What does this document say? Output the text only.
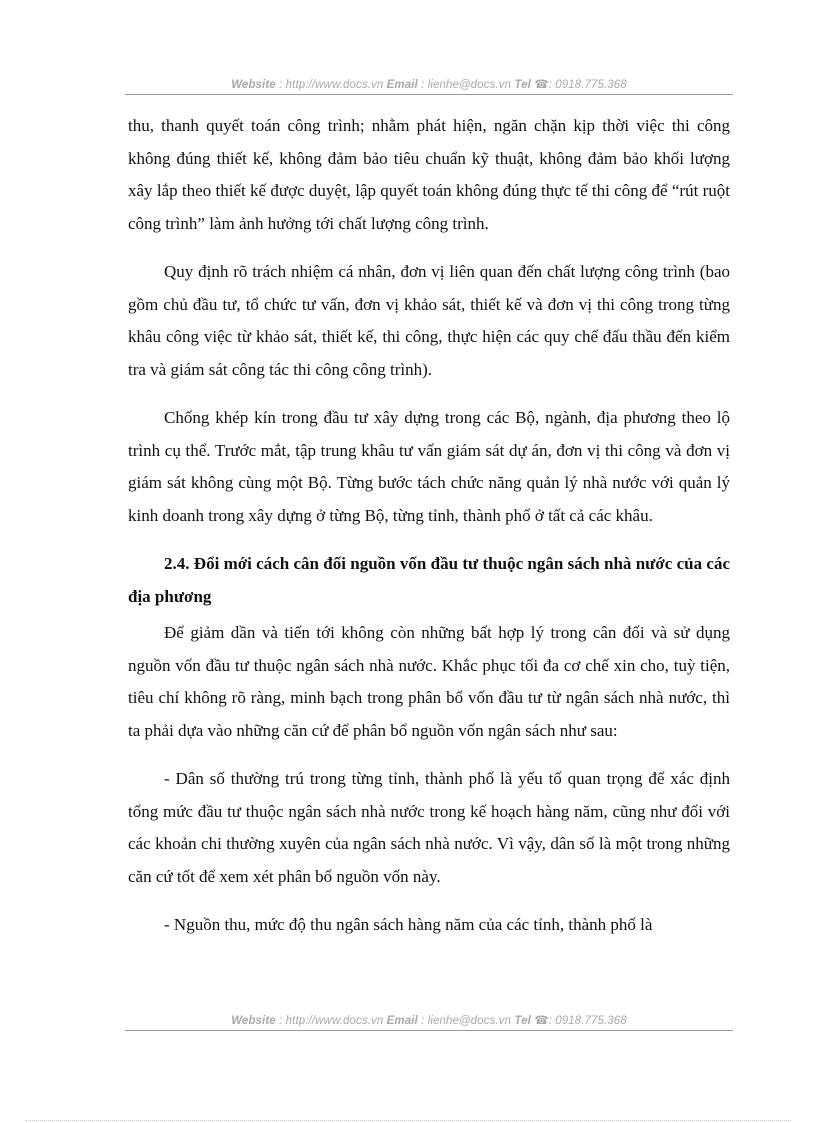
Website : http://www.docs.vn Email : lienhe@docs.vn Tel ☎: 0918.775.368

thu, thanh quyết toán công trình; nhằm phát hiện, ngăn chặn kịp thời việc thi công không đúng thiết kế, không đảm bảo tiêu chuẩn kỹ thuật, không đảm bảo khối lượng xây lắp theo thiết kế được duyệt, lập quyết toán không đúng thực tế thi công để “rút ruột công trình” làm ảnh hưởng tới chất lượng công trình.

Quy định rõ trách nhiệm cá nhân, đơn vị liên quan đến chất lượng công trình (bao gồm chủ đầu tư, tổ chức tư vấn, đơn vị khảo sát, thiết kế và đơn vị thi công trong từng khâu công việc từ khảo sát, thiết kế, thi công, thực hiện các quy chế đấu thầu đến kiểm tra và giám sát công tác thi công công trình).

Chống khép kín trong đầu tư xây dựng trong các Bộ, ngành, địa phương theo lộ trình cụ thể. Trước mắt, tập trung khâu tư vấn giám sát dự án, đơn vị thi công và đơn vị giám sát không cùng một Bộ. Từng bước tách chức năng quản lý nhà nước với quản lý kinh doanh trong xây dựng ở từng Bộ, từng tỉnh, thành phố ở tất cả các khâu.

2.4. Đổi mới cách cân đối nguồn vốn đầu tư thuộc ngân sách nhà nước của các địa phương

Để giảm dần và tiến tới không còn những bất hợp lý trong cân đối và sử dụng nguồn vốn đầu tư thuộc ngân sách nhà nước. Khắc phục tối đa cơ chế xin cho, tuỳ tiện, tiêu chí không rõ ràng, minh bạch trong phân bổ vốn đầu tư từ ngân sách nhà nước, thì ta phải dựa vào những căn cứ để phân bổ nguồn vốn ngân sách như sau:

- Dân số thường trú trong từng tỉnh, thành phố là yếu tố quan trọng để xác định tổng mức đầu tư thuộc ngân sách nhà nước trong kế hoạch hàng năm, cũng như đối với các khoản chi thường xuyên của ngân sách nhà nước. Vì vậy, dân số là một trong những căn cứ tốt để xem xét phân bổ nguồn vốn này.

- Nguồn thu, mức độ thu ngân sách hàng năm của các tỉnh, thành phố là

Website : http://www.docs.vn Email : lienhe@docs.vn Tel ☎: 0918.775.368
